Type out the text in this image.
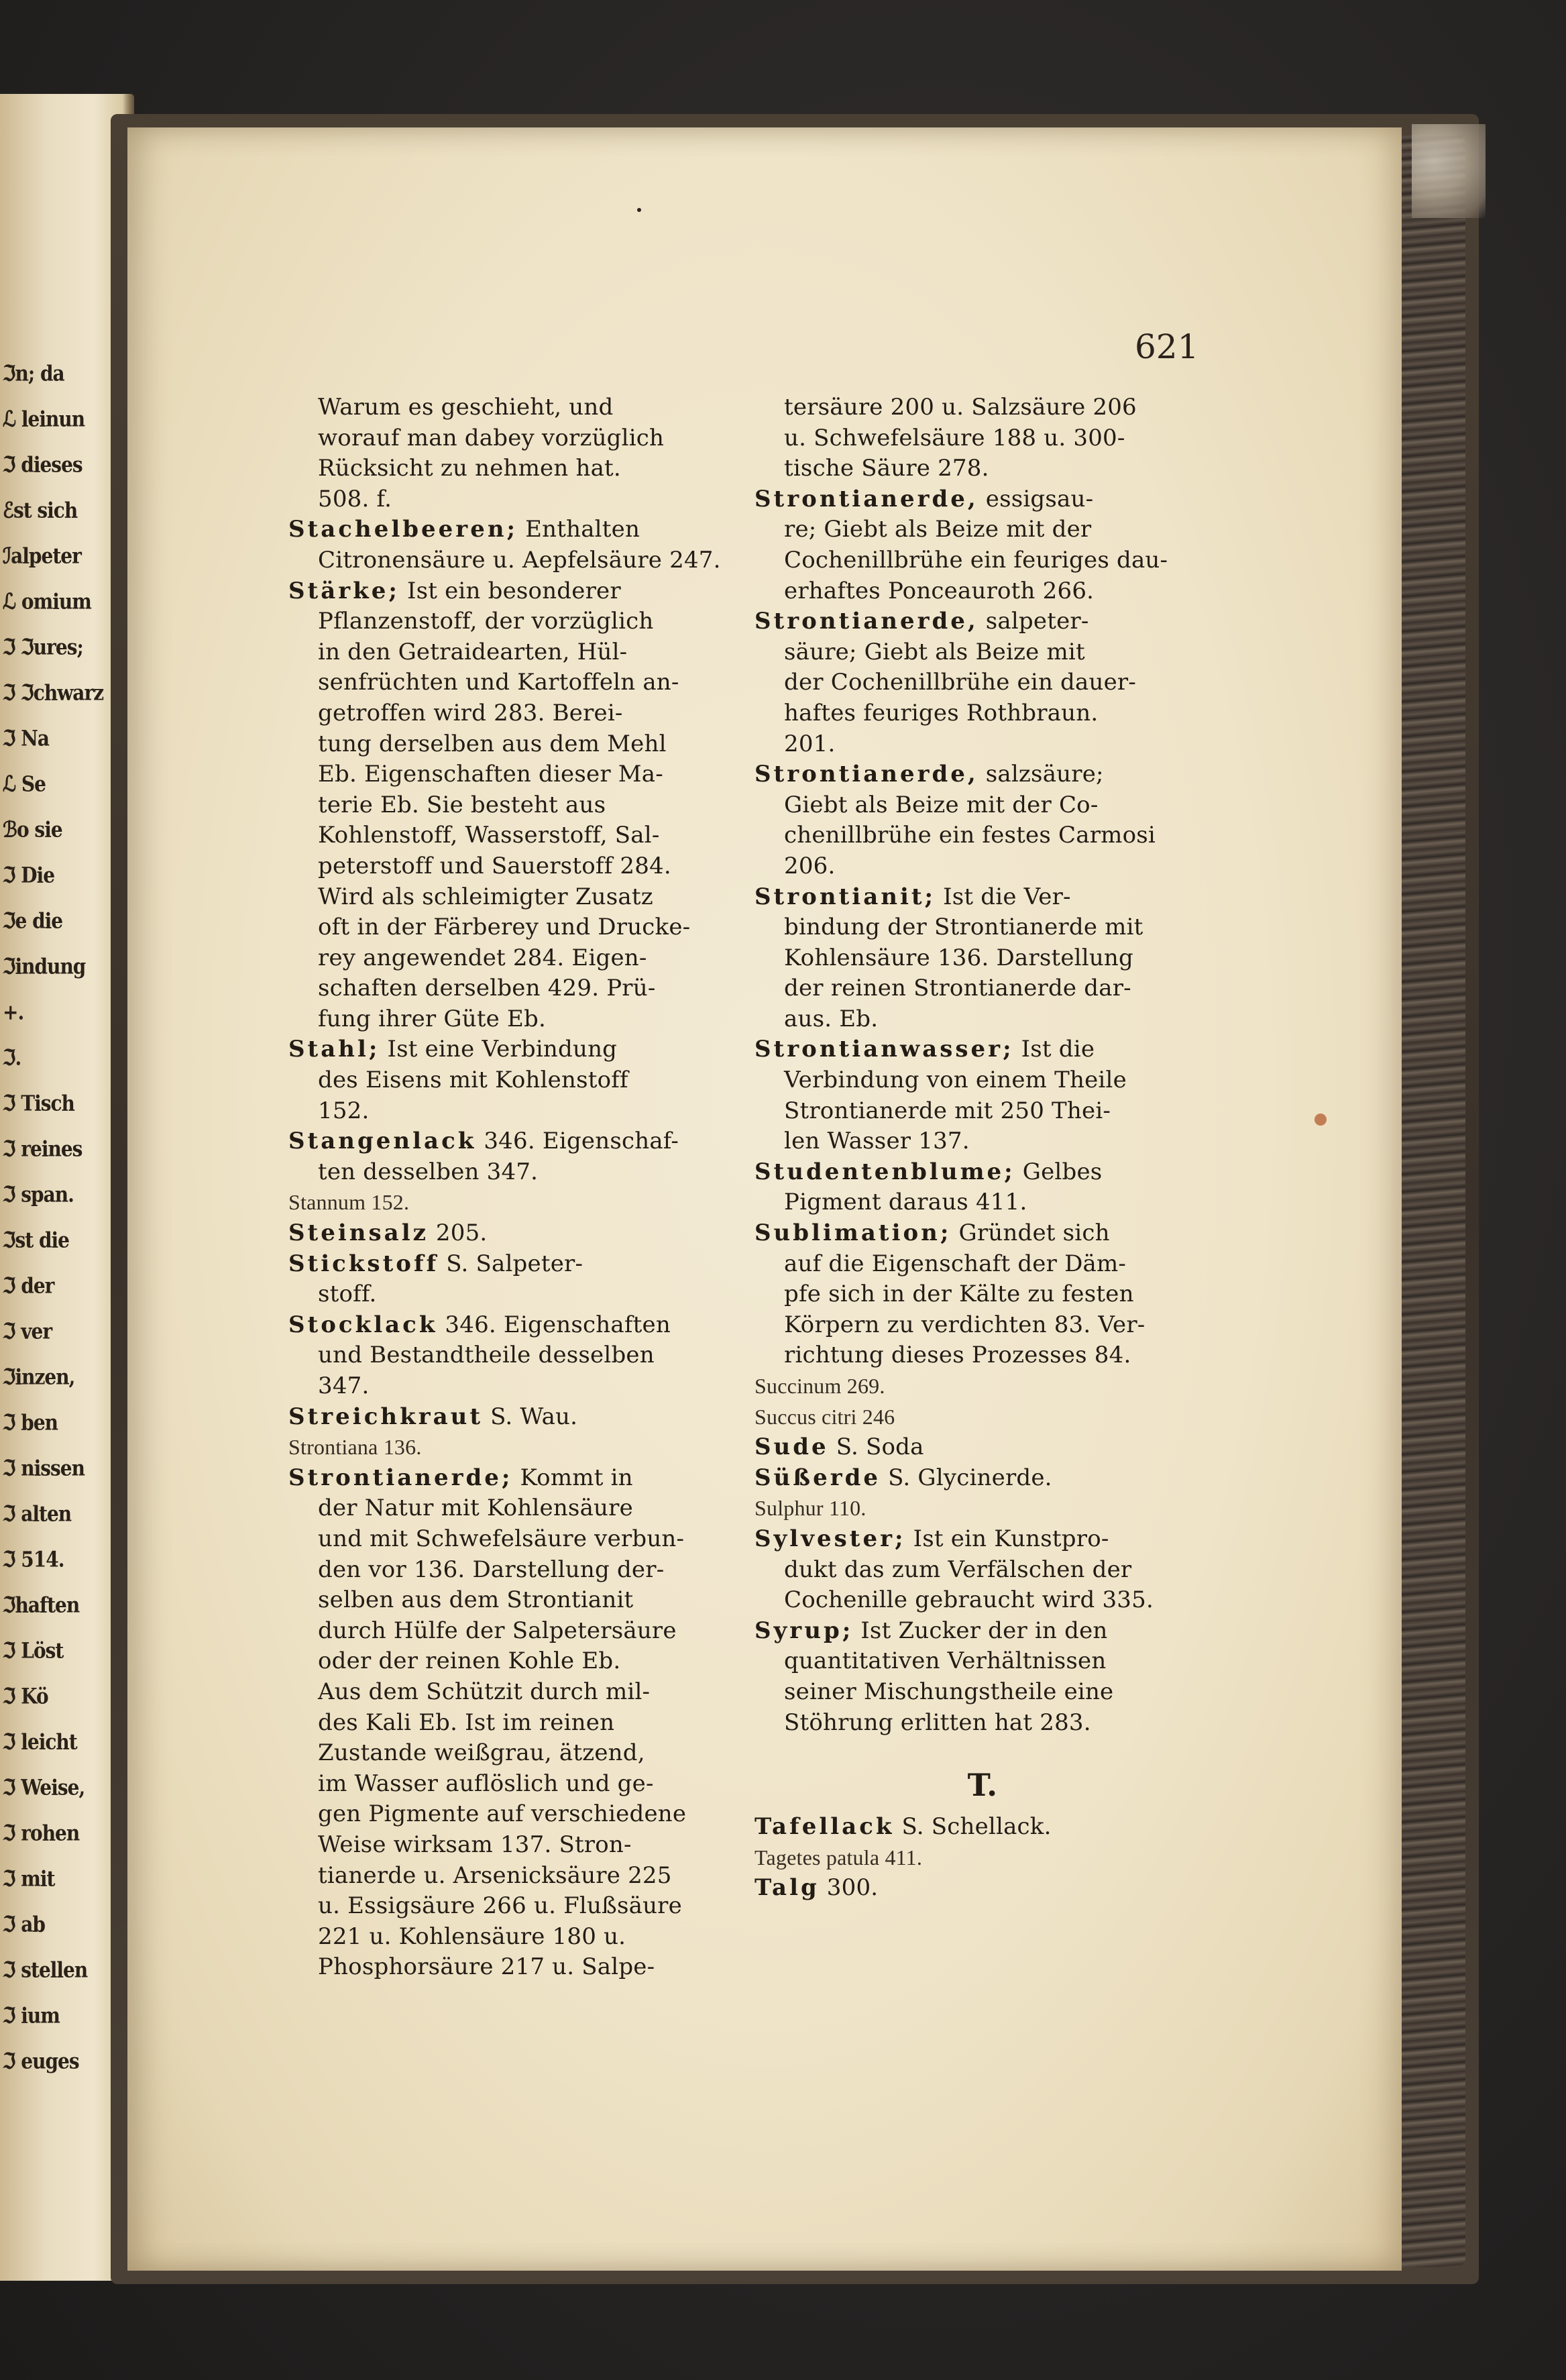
ℑn; da
ℒ leinun
ℑ dieses
ℰst sich
ℐalpeter
ℒ omium
ℑ ℑures;
ℑ ℑchwarz
ℑ Na
ℒ Se
ℬo sie
ℑ Die
ℑe die
ℑindung
+.
ℑ.
ℑ Tisch
ℑ reines
ℑ span.
ℑst die
ℑ der
ℑ ver
ℑinzen,
ℑ ben
ℑ nissen
ℑ alten
ℑ 514.
ℑhaften
ℑ Löst
ℑ Kö
ℑ leicht
ℑ Weise,
ℑ rohen
ℑ mit
ℑ ab
ℑ stellen
ℑ ium
ℑ euges
621
Warum es geschieht, und
worauf man dabey vorzüglich
Rücksicht zu nehmen hat.
508. f.
Stachelbeeren; Enthalten
Citronensäure u. Aepfelsäure 247.
Stärke; Ist ein besonderer
Pflanzenstoff, der vorzüglich
in den Getraidearten, Hül-
senfrüchten und Kartoffeln an-
getroffen wird 283. Berei-
tung derselben aus dem Mehl
Eb. Eigenschaften dieser Ma-
terie Eb. Sie besteht aus
Kohlenstoff, Wasserstoff, Sal-
peterstoff und Sauerstoff 284.
Wird als schleimigter Zusatz
oft in der Färberey und Drucke-
rey angewendet 284. Eigen-
schaften derselben 429. Prü-
fung ihrer Güte Eb.
Stahl; Ist eine Verbindung
des Eisens mit Kohlenstoff
152.
Stangenlack 346. Eigenschaf-
ten desselben 347.
Stannum 152.
Steinsalz 205.
Stickstoff S. Salpeter-
stoff.
Stocklack 346. Eigenschaften
und Bestandtheile desselben
347.
Streichkraut S. Wau.
Strontiana 136.
Strontianerde; Kommt in
der Natur mit Kohlensäure
und mit Schwefelsäure verbun-
den vor 136. Darstellung der-
selben aus dem Strontianit
durch Hülfe der Salpetersäure
oder der reinen Kohle Eb.
Aus dem Schützit durch mil-
des Kali Eb. Ist im reinen
Zustande weißgrau, ätzend,
im Wasser auflöslich und ge-
gen Pigmente auf verschiedene
Weise wirksam 137. Stron-
tianerde u. Arsenicksäure 225
u. Essigsäure 266 u. Flußsäure
221 u. Kohlensäure 180 u.
Phosphorsäure 217 u. Salpe-
tersäure 200 u. Salzsäure 206
u. Schwefelsäure 188 u. 300-
tische Säure 278.
Strontianerde, essigsau-
re; Giebt als Beize mit der
Cochenillbrühe ein feuriges dau-
erhaftes Ponceauroth 266.
Strontianerde, salpeter-
säure; Giebt als Beize mit
der Cochenillbrühe ein dauer-
haftes feuriges Rothbraun.
201.
Strontianerde, salzsäure;
Giebt als Beize mit der Co-
chenillbrühe ein festes Carmosi
206.
Strontianit; Ist die Ver-
bindung der Strontianerde mit
Kohlensäure 136. Darstellung
der reinen Strontianerde dar-
aus. Eb.
Strontianwasser; Ist die
Verbindung von einem Theile
Strontianerde mit 250 Thei-
len Wasser 137.
Studentenblume; Gelbes
Pigment daraus 411.
Sublimation; Gründet sich
auf die Eigenschaft der Däm-
pfe sich in der Kälte zu festen
Körpern zu verdichten 83. Ver-
richtung dieses Prozesses 84.
Succinum 269.
Succus citri 246
Sude S. Soda
Süßerde S. Glycinerde.
Sulphur 110.
Sylvester; Ist ein Kunstpro-
dukt das zum Verfälschen der
Cochenille gebraucht wird 335.
Syrup; Ist Zucker der in den
quantitativen Verhältnissen
seiner Mischungstheile eine
Stöhrung erlitten hat 283.
T.
Tafellack S. Schellack.
Tagetes patula 411.
Talg 300.
